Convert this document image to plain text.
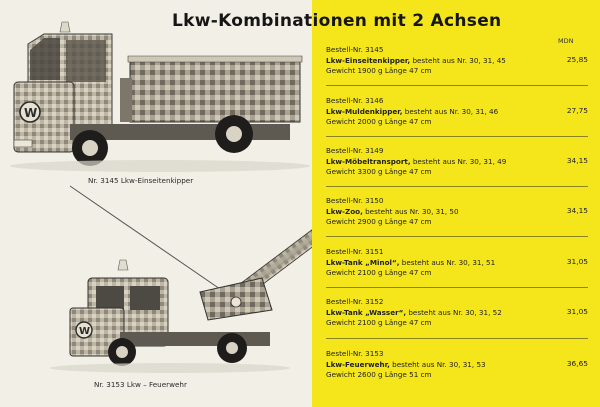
W
Nr. 3145 Lkw-Einseitenkipper
W
Nr. 3153 Lkw – Feuerwehr
Lkw-Kombinationen mit 2 Achsen
MDN
Bestell-Nr. 3145
Lkw-Einseitenkipper, besteht aus Nr. 30, 31, 45
Gewicht 1900 g Länge 47 cm
25,85
Bestell-Nr. 3146
Lkw-Muldenkipper, besteht aus Nr. 30, 31, 46
Gewicht 2000 g Länge 47 cm
27,75
Bestell-Nr. 3149
Lkw-Möbeltransport, besteht aus Nr. 30, 31, 49
Gewicht 3300 g Länge 47 cm
34,15
Bestell-Nr. 3150
Lkw-Zoo, besteht aus Nr. 30, 31, 50
Gewicht 2900 g Länge 47 cm
34,15
Bestell-Nr. 3151
Lkw-Tank „Minol“, besteht aus Nr. 30, 31, 51
Gewicht 2100 g Länge 47 cm
31,05
Bestell-Nr. 3152
Lkw-Tank „Wasser“, besteht aus Nr. 30, 31, 52
Gewicht 2100 g Länge 47 cm
31,05
Bestell-Nr. 3153
Lkw-Feuerwehr, besteht aus Nr. 30, 31, 53
Gewicht 2600 g Länge 51 cm
36,65
